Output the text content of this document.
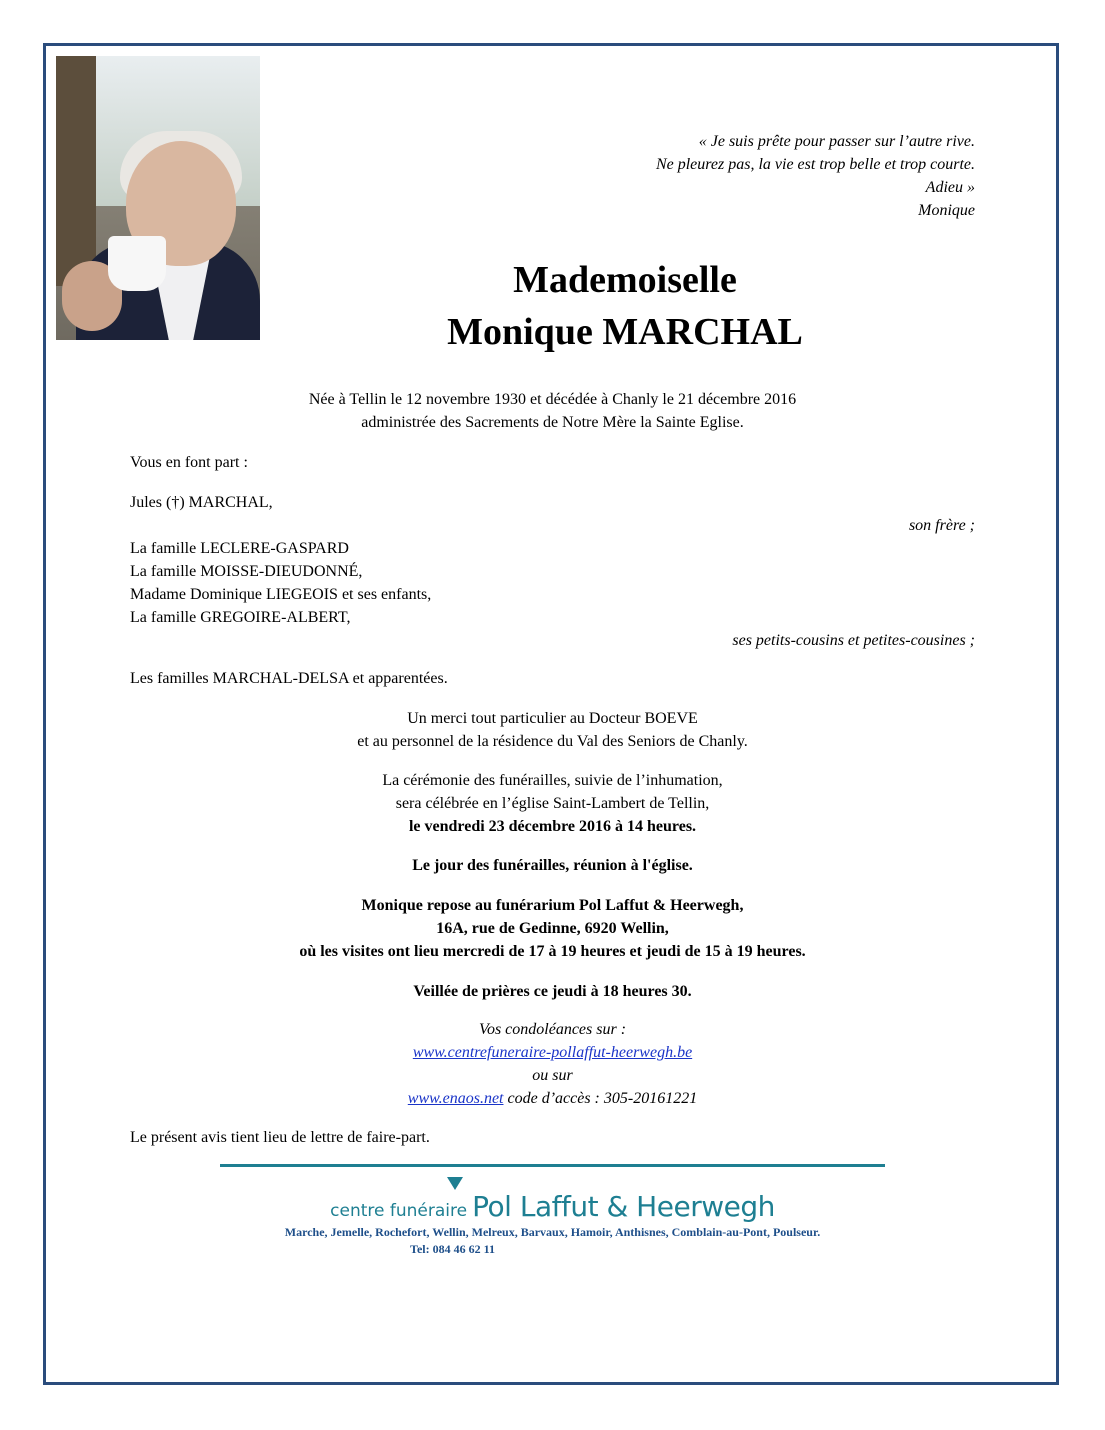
« Je suis prête pour passer sur l’autre rive.
Ne pleurez pas, la vie est trop belle et trop courte.
Adieu »
Monique
Mademoiselle
Monique MARCHAL
Née à Tellin le 12 novembre 1930 et décédée à Chanly le 21 décembre 2016
administrée des Sacrements de Notre Mère la Sainte Eglise.
Vous en font part :
Jules (†) MARCHAL,
son frère ;
La famille LECLERE-GASPARD
La famille MOISSE-DIEUDONNÉ,
Madame Dominique LIEGEOIS et ses enfants,
La famille GREGOIRE-ALBERT,
ses petits-cousins et petites-cousines ;
Les familles MARCHAL-DELSA et apparentées.
Un merci tout particulier au Docteur BOEVE
et au personnel de la résidence du Val des Seniors de Chanly.
La cérémonie des funérailles, suivie de l’inhumation,
sera célébrée en l’église Saint-Lambert de Tellin,
le vendredi 23 décembre 2016 à 14 heures.
Le jour des funérailles, réunion à l'église.
Monique repose au funérarium Pol Laffut & Heerwegh,
16A, rue de Gedinne, 6920 Wellin,
où les visites ont lieu mercredi de 17 à 19 heures et jeudi de 15 à 19 heures.
Veillée de prières ce jeudi à 18 heures 30.
Vos condoléances sur :
www.centrefuneraire-pollaffut-heerwegh.be
ou sur
www.enaos.net code d’accès : 305-20161221
Le présent avis tient lieu de lettre de faire-part.
centre funéraire Pol Laffut & Heerwegh
Marche, Jemelle, Rochefort, Wellin, Melreux, Barvaux, Hamoir, Anthisnes, Comblain-au-Pont, Poulseur.
Tel: 084 46 62 11
